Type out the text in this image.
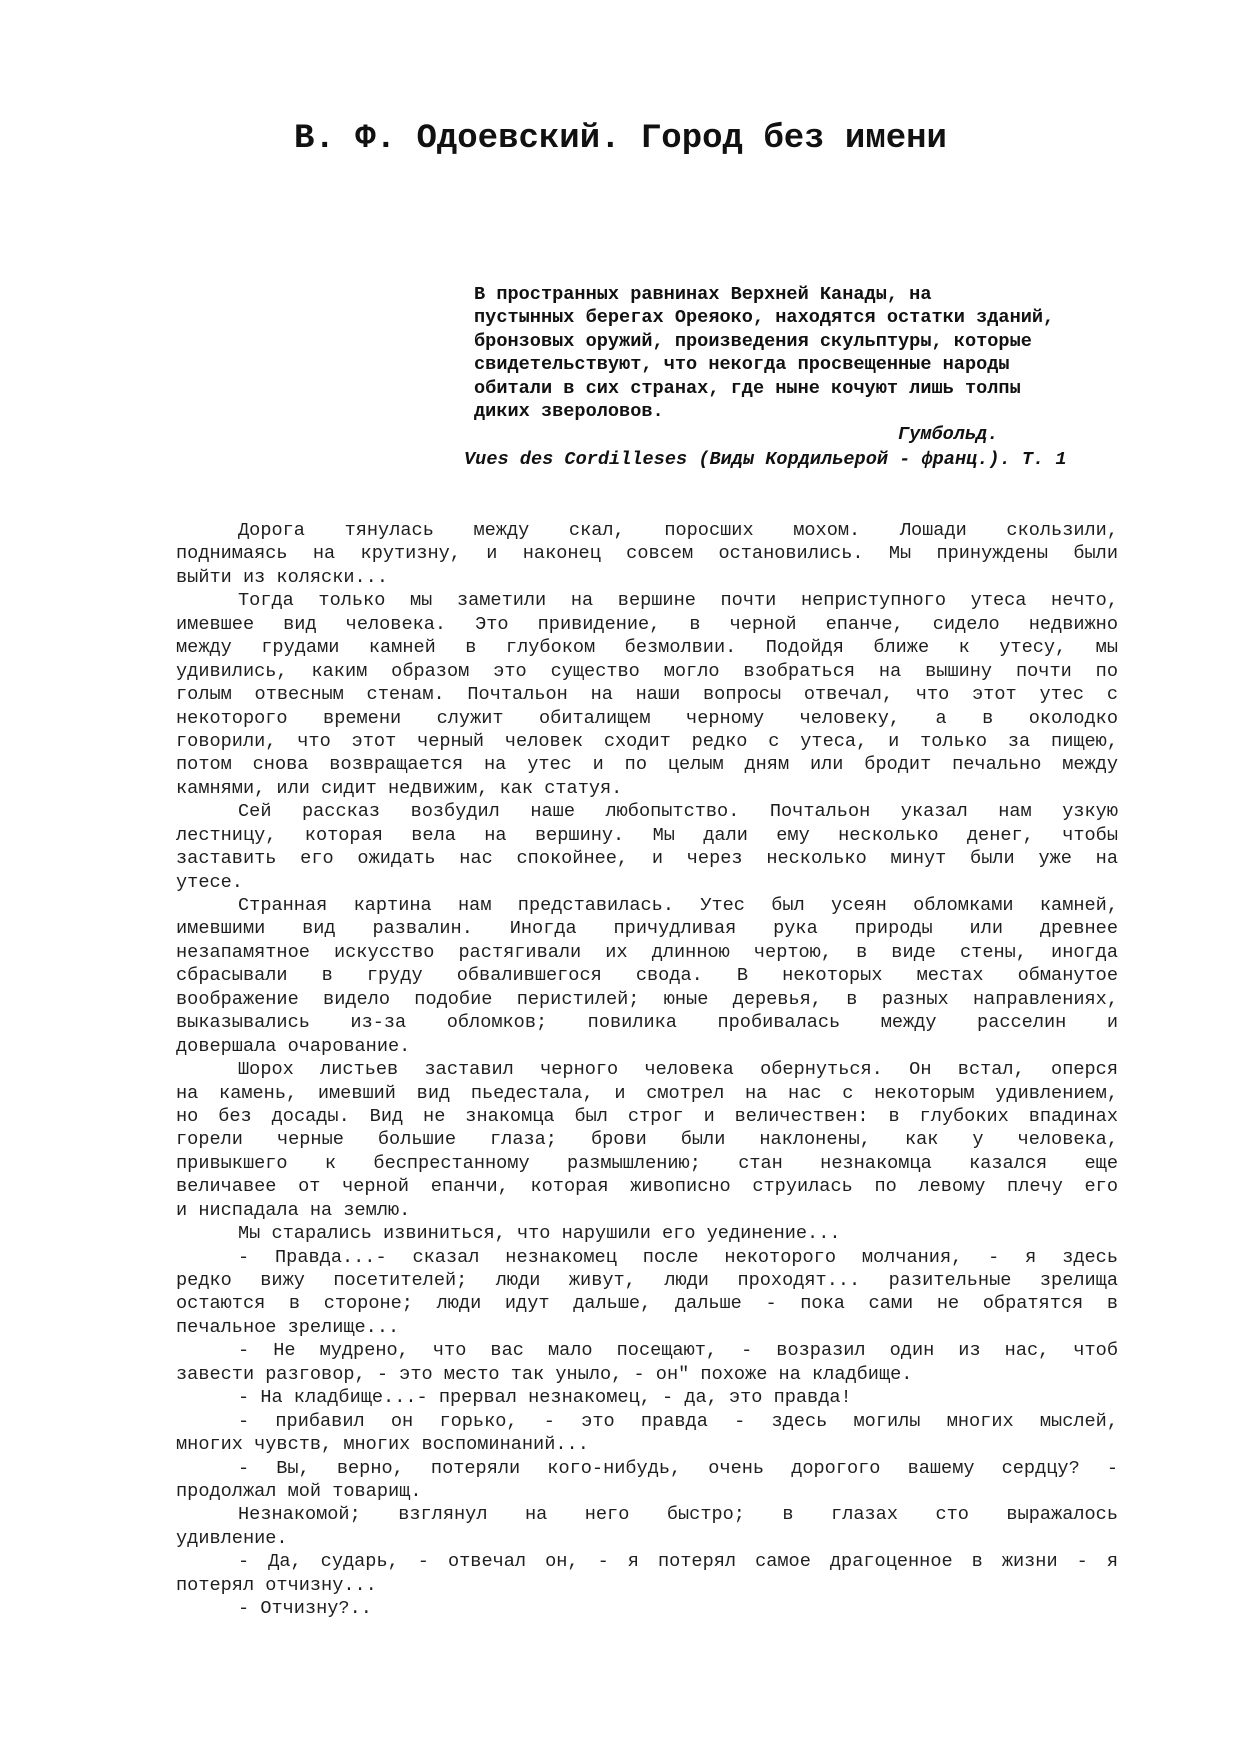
В. Ф. Одоевский. Город без имени
В пространных равнинах Верхней Канады, на
пустынных берегах Ореяоко, находятся остатки зданий,
бронзовых оружий, произведения скульптуры, которые
свидетельствуют, что некогда просвещенные народы
обитали в сих странах, где ныне кочуют лишь толпы
диких звероловов.
Гумбольд.
Vues des Cordilleses (Виды Кордильерой - франц.). Т. 1
Дорога тянулась между скал, поросших мохом. Лошади скользили,
поднимаясь на крутизну, и наконец совсем остановились. Мы принуждены были
выйти из коляски...
Тогда только мы заметили на вершине почти неприступного утеса нечто,
имевшее вид человека. Это привидение, в черной епанче, сидело недвижно
между грудами камней в глубоком безмолвии. Подойдя ближе к утесу, мы
удивились, каким образом это существо могло взобраться на вышину почти по
голым отвесным стенам. Почтальон на наши вопросы отвечал, что этот утес с
некоторого времени служит обиталищем черному человеку, а в околодко
говорили, что этот черный человек сходит редко с утеса, и только за пищею,
потом снова возвращается на утес и по целым дням или бродит печально между
камнями, или сидит недвижим, как статуя.
Сей рассказ возбудил наше любопытство. Почтальон указал нам узкую
лестницу, которая вела на вершину. Мы дали ему несколько денег, чтобы
заставить его ожидать нас спокойнее, и через несколько минут были уже на
утесе.
Странная картина нам представилась. Утес был усеян обломками камней,
имевшими вид развалин. Иногда причудливая рука природы или древнее
незапамятное искусство растягивали их длинною чертою, в виде стены, иногда
сбрасывали в груду обвалившегося свода. В некоторых местах обманутое
воображение видело подобие перистилей; юные деревья, в разных направлениях,
выказывались из-за обломков; повилика пробивалась между расселин и
довершала очарование.
Шорох листьев заставил черного человека обернуться. Он встал, оперся
на камень, имевший вид пьедестала, и смотрел на нас с некоторым удивлением,
но без досады. Вид не знакомца был строг и величествен: в глубоких впадинах
горели черные большие глаза; брови были наклонены, как у человека,
привыкшего к беспрестанному размышлению; стан незнакомца казался еще
величавее от черной епанчи, которая живописно струилась по левому плечу его
и ниспадала на землю.
Мы старались извиниться, что нарушили его уединение...
- Правда...- сказал незнакомец после некоторого молчания, - я здесь
редко вижу посетителей; люди живут, люди проходят... разительные зрелища
остаются в стороне; люди идут дальше, дальше - пока сами не обратятся в
печальное зрелище...
- Не мудрено, что вас мало посещают, - возразил один из нас, чтоб
завести разговор, - это место так уныло, - он" похоже на кладбище.
- На кладбище...- прервал незнакомец, - да, это правда!
- прибавил он горько, - это правда - здесь могилы многих мыслей,
многих чувств, многих воспоминаний...
- Вы, верно, потеряли кого-нибудь, очень дорогого вашему сердцу? -
продолжал мой товарищ.
Незнакомой; взглянул на него быстро; в глазах сто выражалось
удивление.
- Да, сударь, - отвечал он, - я потерял самое драгоценное в жизни - я
потерял отчизну...
- Отчизну?..
